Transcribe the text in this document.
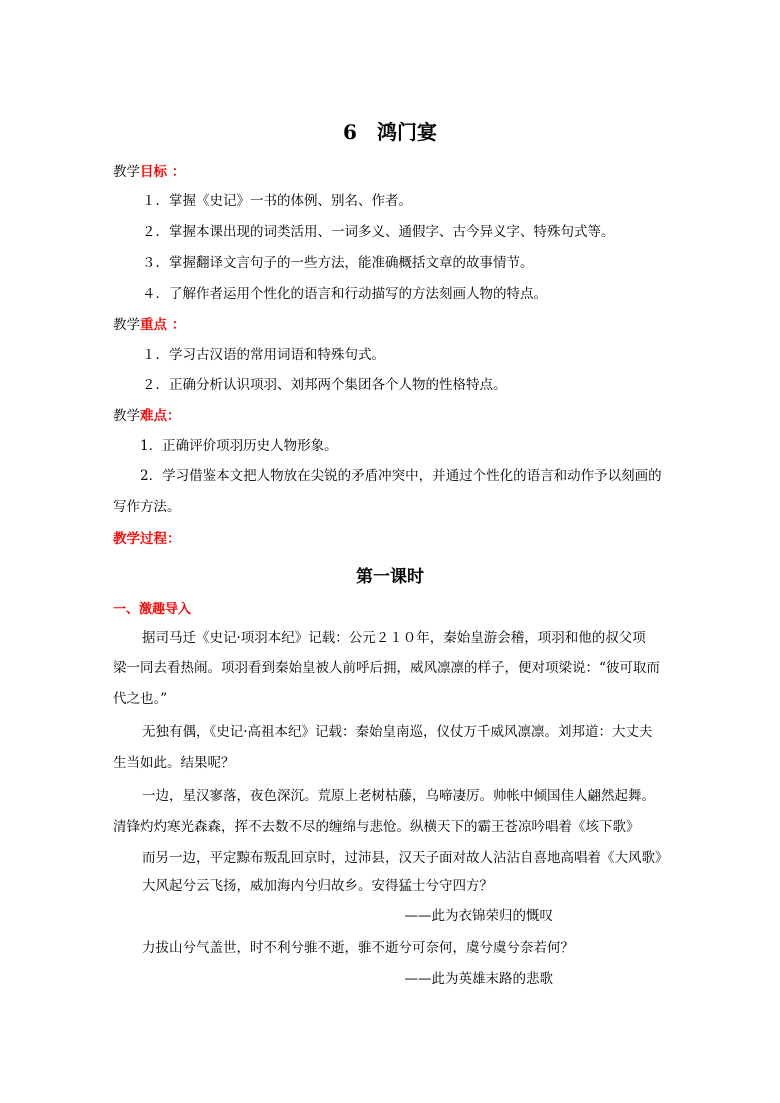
6　鸿门宴
教学目标 ：
１．掌握《史记》一书的体例、别名、作者。
２．掌握本课出现的词类活用、一词多义、通假字、古今异义字、特殊句式等。
３．掌握翻译文言句子的一些方法，能准确概括文章的故事情节。
４．了解作者运用个性化的语言和行动描写的方法刻画人物的特点。
教学重点 ：
１．学习古汉语的常用词语和特殊句式。
２．正确分析认识项羽、刘邦两个集团各个人物的性格特点。
教学难点：
1．正确评价项羽历史人物形象。
2．学习借鉴本文把人物放在尖锐的矛盾冲突中，并通过个性化的语言和动作予以刻画的
写作方法。
教学过程：
第一课时
一、激趣导入
据司马迁《史记·项羽本纪》记载：公元２１０年，秦始皇游会稽，项羽和他的叔父项
梁一同去看热闹。项羽看到秦始皇被人前呼后拥，威风凛凛的样子，便对项梁说：“彼可取而
代之也。”
无独有偶，《史记·高祖本纪》记载：秦始皇南巡，仪仗万千威风凛凛。刘邦道：大丈夫
生当如此。结果呢？
一边，星汉寥落，夜色深沉。荒原上老树枯藤，乌啼凄厉。帅帐中倾国佳人翩然起舞。
清锋灼灼寒光森森，挥不去数不尽的缠绵与悲怆。纵横天下的霸王苍凉吟唱着《垓下歌》
而另一边，平定黥布叛乱回京时，过沛县，汉天子面对故人沾沾自喜地高唱着《大风歌》
大风起兮云飞扬，威加海内兮归故乡。安得猛士兮守四方？
——此为衣锦荣归的慨叹
力拔山兮气盖世，时不利兮骓不逝，骓不逝兮可奈何，虞兮虞兮奈若何？
——此为英雄末路的悲歌
